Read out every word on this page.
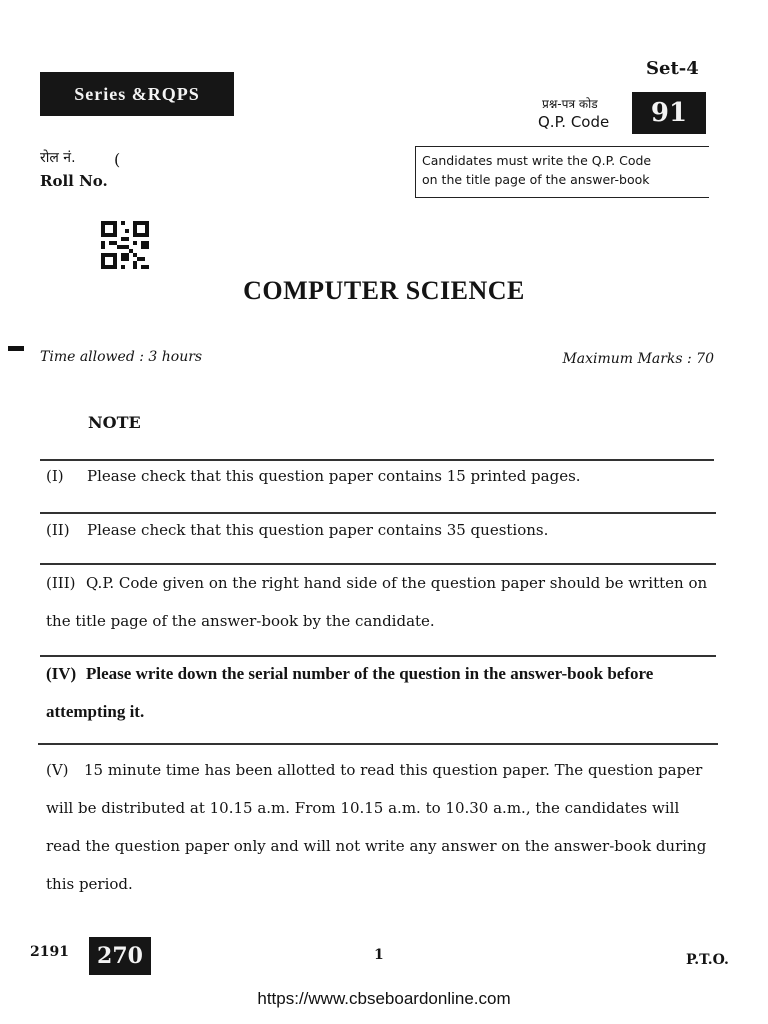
Series &RQPS
Set-4
प्रश्न-पत्र कोड
Q.P. Code	91
रोल नं. (
Roll No.
Candidates must write the Q.P. Code
on the title page of the answer-book
COMPUTER SCIENCE
Time allowed : 3 hours	Maximum Marks : 70
NOTE
(I) Please check that this question paper contains 15 printed pages.
(II) Please check that this question paper contains 35 questions.
(III) Q.P. Code given on the right hand side of the question paper should be written on the title page of the answer-book by the candidate.
(IV) Please write down the serial number of the question in the answer-book before attempting it.
(V)	15 minute time has been allotted to read this question paper. The question paper will be distributed at 10.15 a.m. From 10.15 a.m. to 10.30 a.m., the candidates will read the question paper only and will not write any answer on the answer-book during this period.
2191	270	1	P.T.O.
https://www.cbseboardonline.com
